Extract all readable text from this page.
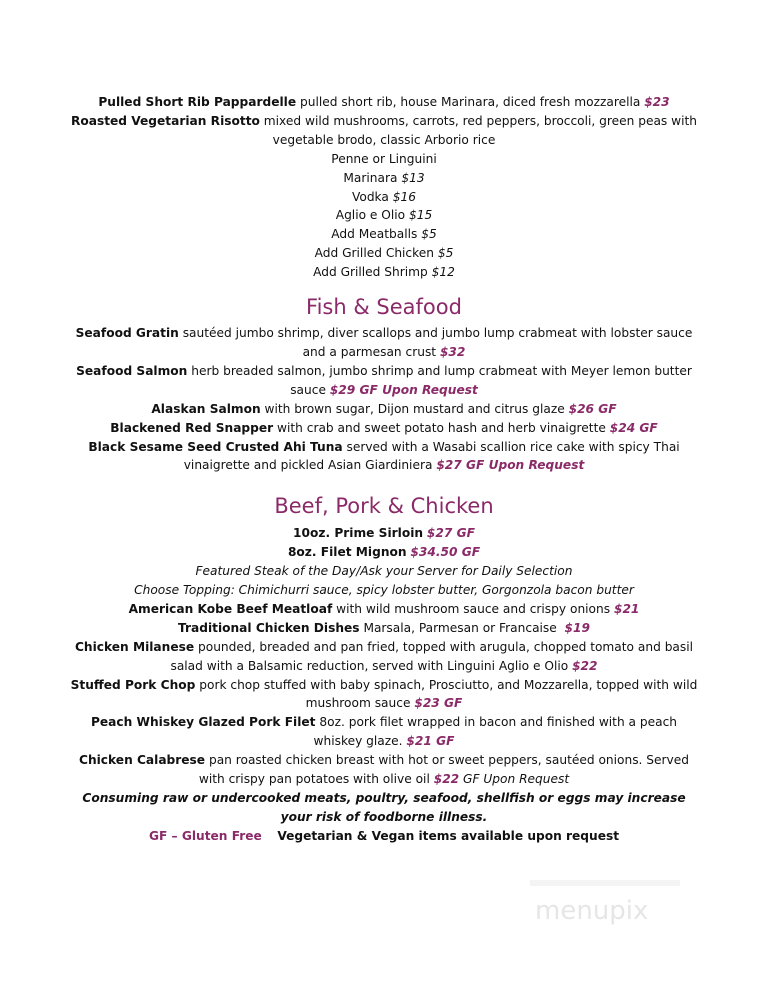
Pulled Short Rib Pappardelle pulled short rib, house Marinara, diced fresh mozzarella $23
Roasted Vegetarian Risotto mixed wild mushrooms, carrots, red peppers, broccoli, green peas with
vegetable brodo, classic Arborio rice
Penne or Linguini
Marinara $13
Vodka $16
Aglio e Olio $15
Add Meatballs $5
Add Grilled Chicken $5
Add Grilled Shrimp $12
Fish & Seafood
Seafood Gratin sautéed jumbo shrimp, diver scallops and jumbo lump crabmeat with lobster sauce
and a parmesan crust $32
Seafood Salmon herb breaded salmon, jumbo shrimp and lump crabmeat with Meyer lemon butter
sauce $29 GF Upon Request
Alaskan Salmon with brown sugar, Dijon mustard and citrus glaze $26 GF
Blackened Red Snapper with crab and sweet potato hash and herb vinaigrette $24 GF
Black Sesame Seed Crusted Ahi Tuna served with a Wasabi scallion rice cake with spicy Thai
vinaigrette and pickled Asian Giardiniera $27 GF Upon Request
Beef, Pork & Chicken
10oz. Prime Sirloin $27 GF
8oz. Filet Mignon $34.50 GF
Featured Steak of the Day/Ask your Server for Daily Selection
Choose Topping: Chimichurri sauce, spicy lobster butter, Gorgonzola bacon butter
American Kobe Beef Meatloaf with wild mushroom sauce and crispy onions $21
Traditional Chicken Dishes Marsala, Parmesan or Francaise $19
Chicken Milanese pounded, breaded and pan fried, topped with arugula, chopped tomato and basil
salad with a Balsamic reduction, served with Linguini Aglio e Olio $22
Stuffed Pork Chop pork chop stuffed with baby spinach, Prosciutto, and Mozzarella, topped with wild
mushroom sauce $23 GF
Peach Whiskey Glazed Pork Filet 8oz. pork filet wrapped in bacon and finished with a peach
whiskey glaze. $21 GF
Chicken Calabrese pan roasted chicken breast with hot or sweet peppers, sautéed onions. Served
with crispy pan potatoes with olive oil $22 GF Upon Request
Consuming raw or undercooked meats, poultry, seafood, shellfish or eggs may increase
your risk of foodborne illness.
GF – Gluten Free Vegetarian & Vegan items available upon request
menupix
